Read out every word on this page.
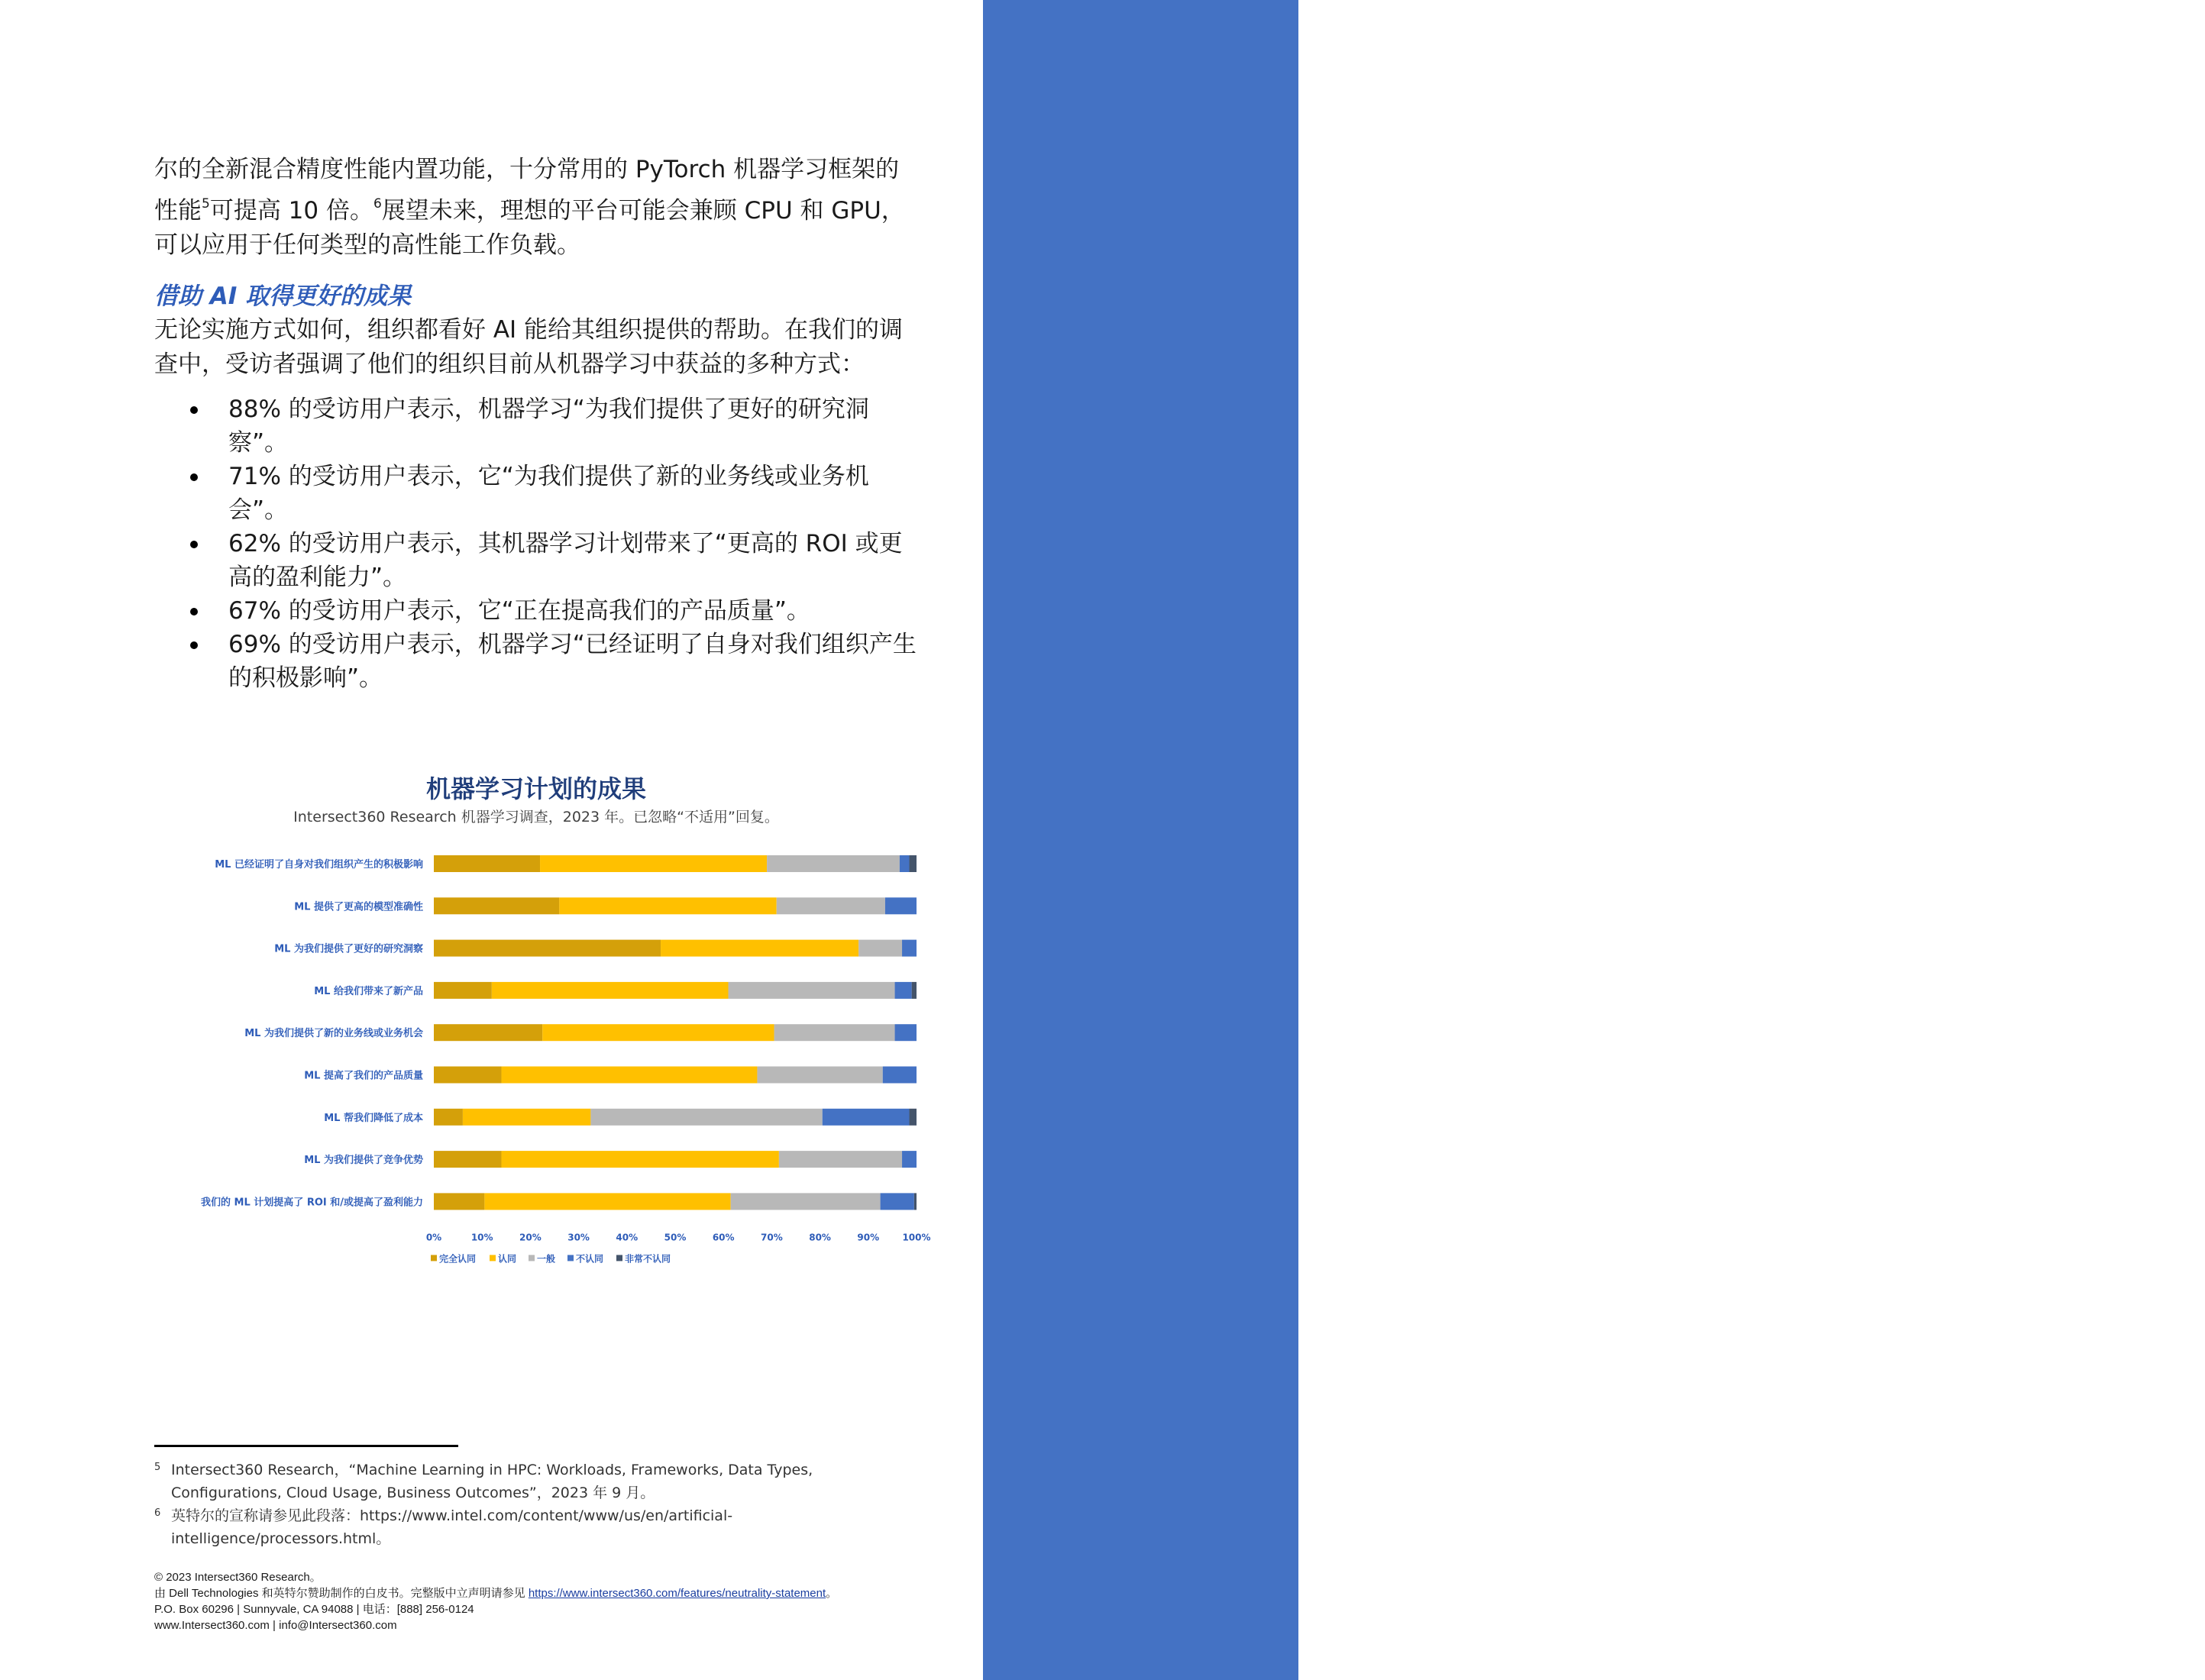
69% 的受访用户
表示，机器学习
“已经证明了
自身对我们组织
产生的积极
影响”。

尔的全新混合精度性能内置功能，十分常用的 PyTorch 机器学习框架的性能$^5$可提高 10 倍。$^6$展望未来，理想的平台可能会兼顾 CPU 和 GPU，可以应用于任何类型的高性能工作负载。

借助 AI 取得更好的成果

无论实施方式如何，组织都看好 AI 能给其组织提供的帮助。在我们的调查中，受访者强调了他们的组织目前从机器学习中获益的多种方式：

88% 的受访用户表示，机器学习“为我们提供了更好的研究洞察”。
71% 的受访用户表示，它“为我们提供了新的业务线或业务机会”。
62% 的受访用户表示，其机器学习计划带来了“更高的 ROI 或更高的盈利能力”。
67% 的受访用户表示，它“正在提高我们的产品质量”。
69% 的受访用户表示，机器学习“已经证明了自身对我们组织产生的积极影响”。
机器学习计划的成果
Intersect360 Research 机器学习调查，2023 年。已忽略“不适用”回复。
ML 已经证明了自身对我们组织产生的积极影响
ML 提供了更高的模型准确性
ML 为我们提供了更好的研究洞察
ML 给我们带来了新产品
ML 为我们提供了新的业务线或业务机会
ML 提高了我们的产品质量
ML 帮我们降低了成本
ML 为我们提供了竞争优势
我们的 ML 计划提高了 ROI 和/或提高了盈利能力
0%	10%	20%	30%	40%	50%	60%	70%	80%	90%	100%
完全认同 认同 一般 不认同 非常不认同
5 Intersect360 Research，“Machine Learning in HPC: Workloads, Frameworks, Data Types, Configurations, Cloud Usage, Business Outcomes”，2023 年 9 月。
6 英特尔的宣称请参见此段落：https://www.intel.com/content/www/us/en/artificial-intelligence/processors.html。
© 2023 Intersect360 Research。
由 Dell Technologies 和英特尔赞助制作的白皮书。完整版中立声明请参见 https://www.intersect360.com/features/neutrality-statement。
P.O. Box 60296 | Sunnyvale, CA 94088 | 电话：[888] 256-0124
www.Intersect360.com | info@Intersect360.com
